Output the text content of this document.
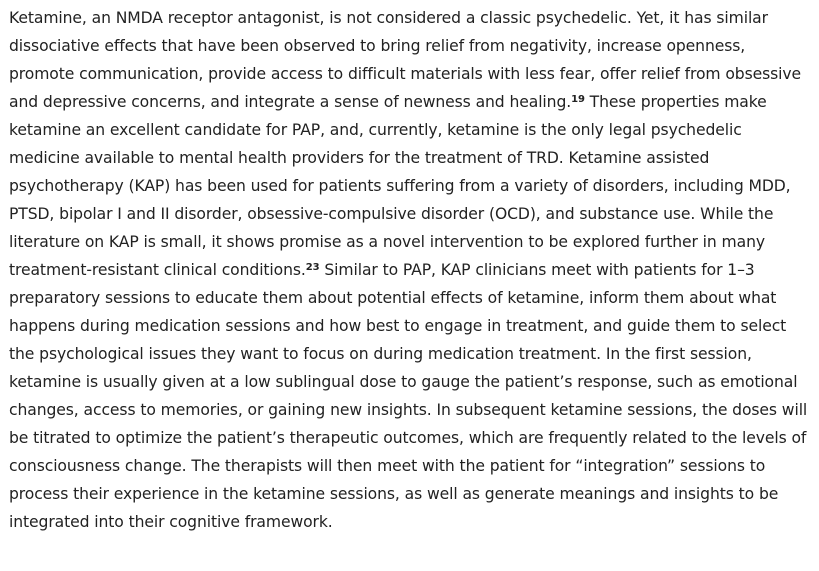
Ketamine, an NMDA receptor antagonist, is not considered a classic psychedelic. Yet, it has similar dissociative effects that have been observed to bring relief from negativity, increase openness, promote communication, provide access to difficult materials with less fear, offer relief from obsessive and depressive concerns, and integrate a sense of newness and healing.$^{19}$ These properties make ketamine an excellent candidate for PAP, and, currently, ketamine is the only legal psychedelic medicine available to mental health providers for the treatment of TRD. Ketamine assisted psychotherapy (KAP) has been used for patients suffering from a variety of disorders, including MDD, PTSD, bipolar I and II disorder, obsessive-compulsive disorder (OCD), and substance use. While the literature on KAP is small, it shows promise as a novel intervention to be explored further in many treatment-resistant clinical conditions.$^{23}$ Similar to PAP, KAP clinicians meet with patients for 1–3 preparatory sessions to educate them about potential effects of ketamine, inform them about what happens during medication sessions and how best to engage in treatment, and guide them to select the psychological issues they want to focus on during medication treatment. In the first session, ketamine is usually given at a low sublingual dose to gauge the patient’s response, such as emotional changes, access to memories, or gaining new insights. In subsequent ketamine sessions, the doses will be titrated to optimize the patient’s therapeutic outcomes, which are frequently related to the levels of consciousness change. The therapists will then meet with the patient for “integration” sessions to process their experience in the ketamine sessions, as well as generate meanings and insights to be integrated into their cognitive framework.
